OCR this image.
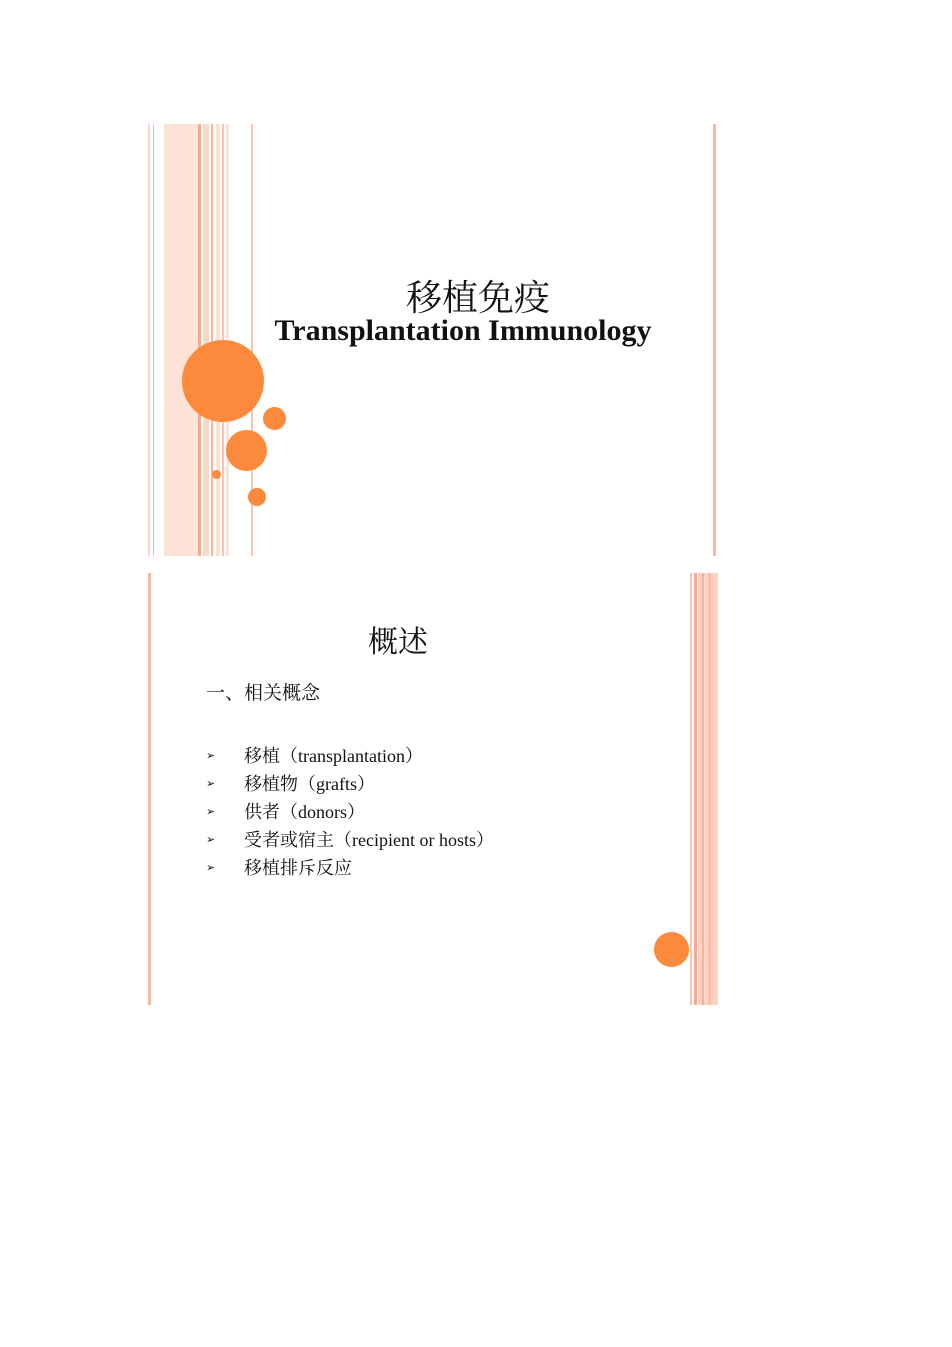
移植免疫
Transplantation Immunology
概述
一、相关概念
➢	移植（transplantation）
➢	移植物（grafts）
➢	供者（donors）
➢	受者或宿主（recipient or hosts）
➢	移植排斥反应
